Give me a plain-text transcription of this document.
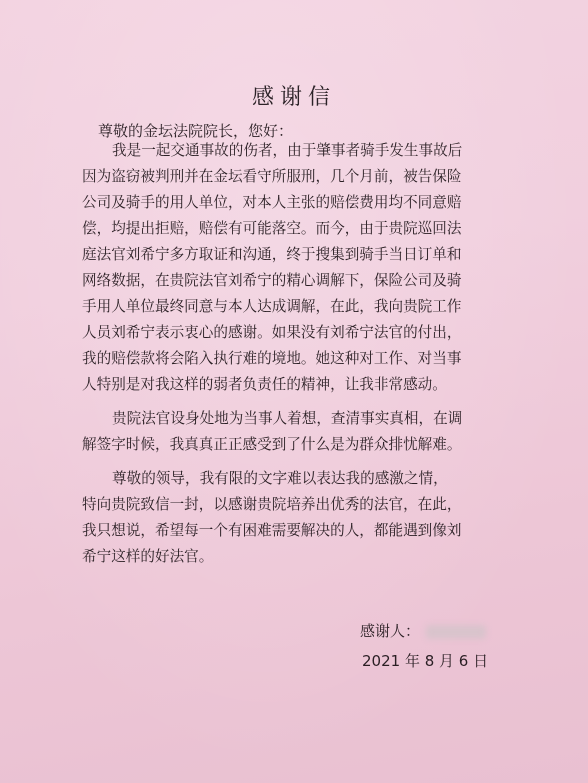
感谢信
尊敬的金坛法院院长，您好：
我是一起交通事故的伤者，由于肇事者骑手发生事故后
因为盗窃被判刑并在金坛看守所服刑，几个月前，被告保险
公司及骑手的用人单位，对本人主张的赔偿费用均不同意赔
偿，均提出拒赔，赔偿有可能落空。而今，由于贵院巡回法
庭法官刘希宁多方取证和沟通，终于搜集到骑手当日订单和
网络数据，在贵院法官刘希宁的精心调解下，保险公司及骑
手用人单位最终同意与本人达成调解，在此，我向贵院工作
人员刘希宁表示衷心的感谢。如果没有刘希宁法官的付出，
我的赔偿款将会陷入执行难的境地。她这种对工作、对当事
人特别是对我这样的弱者负责任的精神，让我非常感动。
贵院法官设身处地为当事人着想，查清事实真相，在调
解签字时候，我真真正正感受到了什么是为群众排忧解难。
尊敬的领导，我有限的文字难以表达我的感激之情，
特向贵院致信一封，以感谢贵院培养出优秀的法官，在此，
我只想说，希望每一个有困难需要解决的人，都能遇到像刘
希宁这样的好法官。
感谢人：
2021 年 8 月 6 日
